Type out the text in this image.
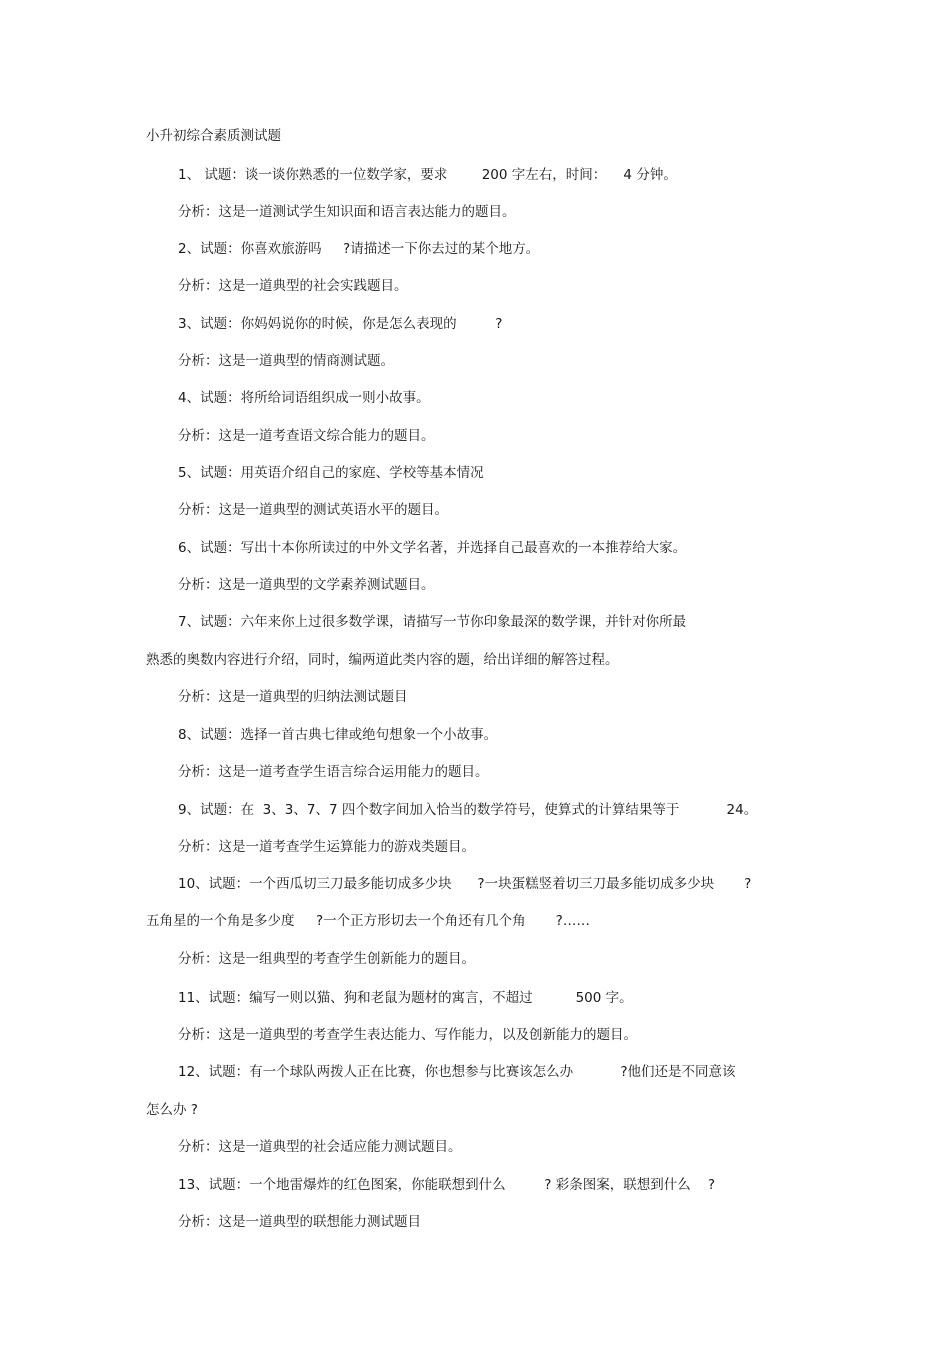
小升初综合素质测试题
1、 试题：谈一谈你熟悉的一位数学家，要求        200 字左右，时间：    4 分钟。
分析：这是一道测试学生知识面和语言表达能力的题目。
2、试题：你喜欢旅游吗     ?请描述一下你去过的某个地方。
分析：这是一道典型的社会实践题目。
3、试题：你妈妈说你的时候，你是怎么表现的         ?
分析：这是一道典型的情商测试题。
4、试题：将所给词语组织成一则小故事。
分析：这是一道考查语文综合能力的题目。
5、试题：用英语介绍自己的家庭、学校等基本情况
分析：这是一道典型的测试英语水平的题目。
6、试题：写出十本你所读过的中外文学名著，并选择自己最喜欢的一本推荐给大家。
分析：这是一道典型的文学素养测试题目。
7、试题：六年来你上过很多数学课，请描写一节你印象最深的数学课，并针对你所最
熟悉的奥数内容进行介绍，同时，编两道此类内容的题，给出详细的解答过程。
分析：这是一道典型的归纳法测试题目
8、试题：选择一首古典七律或绝句想象一个小故事。
分析：这是一道考查学生语言综合运用能力的题目。
9、试题：在  3、3、7、7 四个数字间加入恰当的数学符号，使算式的计算结果等于           24。
分析：这是一道考查学生运算能力的游戏类题目。
10、试题：一个西瓜切三刀最多能切成多少块      ?一块蛋糕竖着切三刀最多能切成多少块       ?
五角星的一个角是多少度     ?一个正方形切去一个角还有几个角       ?……
分析：这是一组典型的考查学生创新能力的题目。
11、试题：编写一则以猫、狗和老鼠为题材的寓言，不超过          500 字。
分析：这是一道典型的考查学生表达能力、写作能力，以及创新能力的题目。
12、试题：有一个球队两拨人正在比赛，你也想参与比赛该怎么办           ?他们还是不同意该
怎么办 ?
分析：这是一道典型的社会适应能力测试题目。
13、试题：一个地雷爆炸的红色图案，你能联想到什么         ? 彩条图案，联想到什么    ?
分析：这是一道典型的联想能力测试题目
